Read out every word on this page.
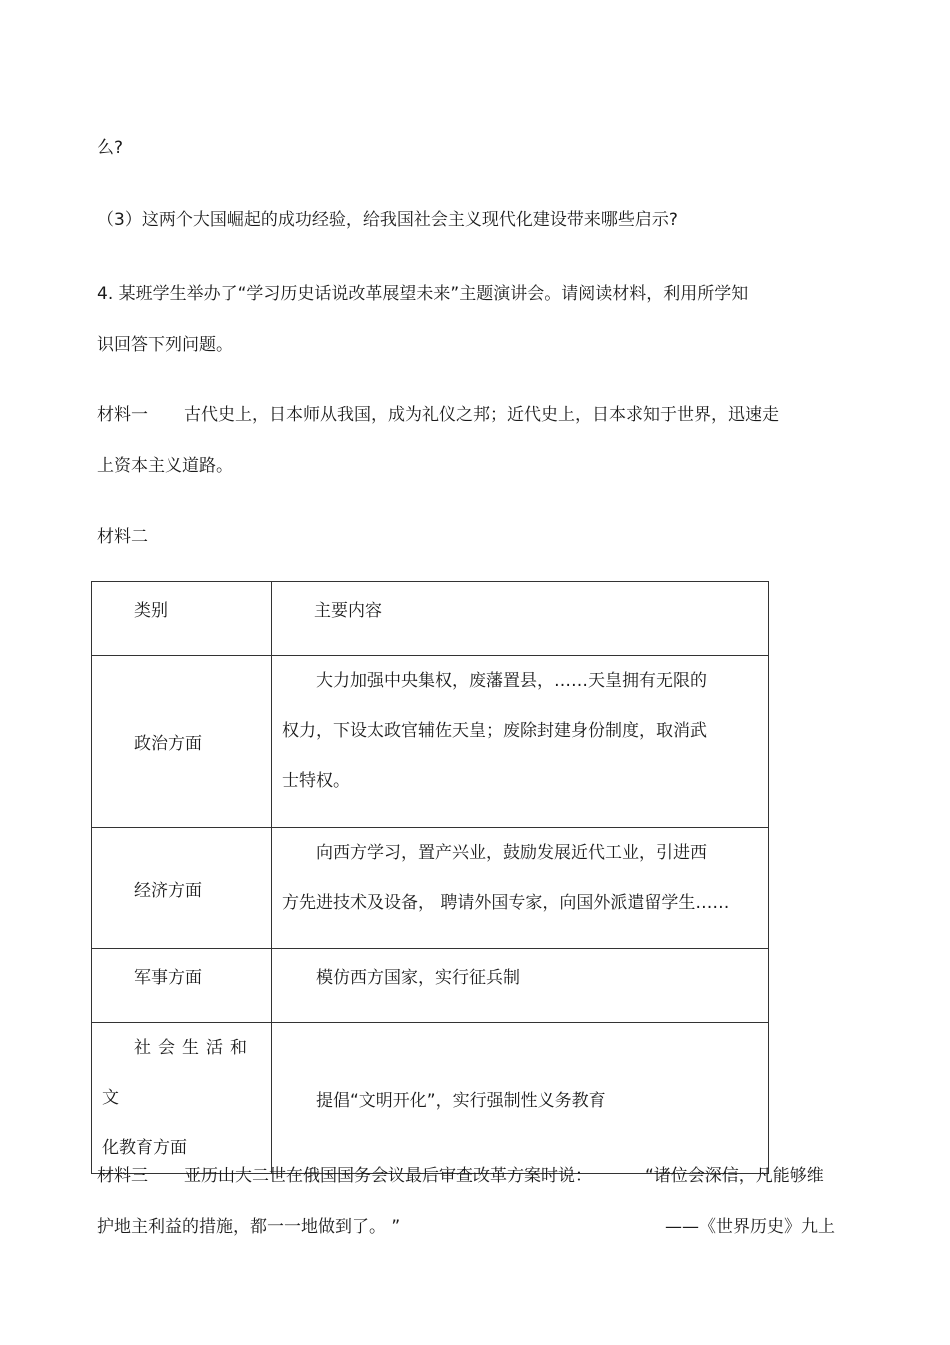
么?
（3）这两个大国崛起的成功经验，给我国社会主义现代化建设带来哪些启示?
4. 某班学生举办了“学习历史话说改革展望未来”主题演讲会。请阅读材料，利用所学知
识回答下列问题。
材料一 古代史上，日本师从我国，成为礼仪之邦；近代史上，日本求知于世界，迅速走
上资本主义道路。
材料二
类别	主要内容

政治方面	大力加强中央集权，废藩置县，……天皇拥有无限的
权力，下设太政官辅佐天皇；废除封建身份制度，取消武
士特权。

经济方面	向西方学习，置产兴业，鼓励发展近代工业，引进西
方先进技术及设备， 聘请外国专家，向国外派遣留学生……

军事方面	模仿西方国家，实行征兵制

社会生活和文
化教育方面	提倡“文明开化”，实行强制性义务教育
材料三 亚历山大二世在俄国国务会议最后审查改革方案时说：	“诸位会深信，凡能够维
护地主利益的措施，都一一地做到了。 ”	——《世界历史》九上
